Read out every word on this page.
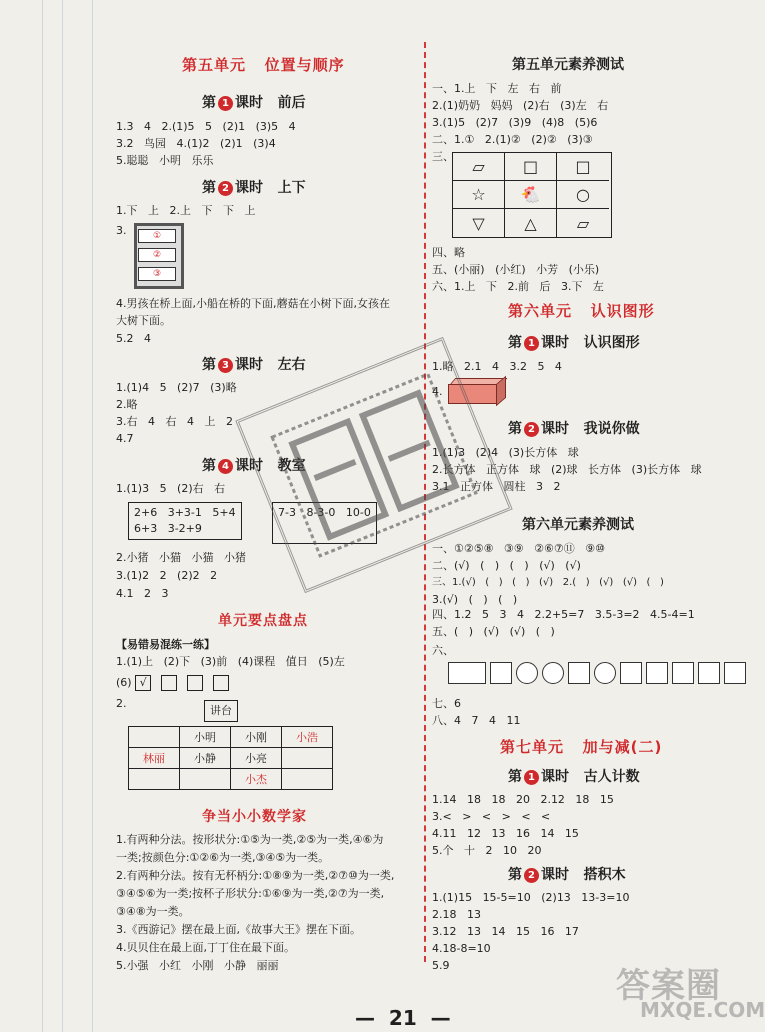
第五单元   位置与顺序
第 1 课时   前后
1.3   4   2.(1)5   5   (2)1   (3)5   4
3.2   鸟园   4.(1)2   (2)1   (3)4
5.聪聪   小明   乐乐
第 2 课时   上下
1.下   上   2.上   下   下   上
3.	①
②
③
4.男孩在桥上面,小船在桥的下面,蘑菇在小树下面,女孩在
大树下面。
5.2   4
第 3 课时   左右
1.(1)4   5   (2)7   (3)略
2.略
3.右   4   右   4   上   2
4.7
第 4 课时   教室
1.(1)3   5   (2)右   右
2+6   3+3-1   5+4
6+3   3-2+9
7-3   8-3-0   10-0
2.小猪   小猫   小猫   小猪
3.(1)2   2   (2)2   2
4.1   2   3
单元要点盘点
【易错易混练一练】
1.(1)上   (2)下   (3)前   (4)课程   值日   (5)左
(6) √
2.
讲台
	小明	小刚	小浩
林丽	小静	小亮	
		小杰	
争当小小数学家
1.有两种分法。按形状分:①⑤为一类,②⑤为一类,④⑥为
一类;按颜色分:①②⑥为一类,③④⑤为一类。
2.有两种分法。按有无杯柄分:①⑧⑨为一类,②⑦⑩为一类,
③④⑤⑥为一类;按杯子形状分:①⑥⑨为一类,②⑦为一类,
③④⑧为一类。
3.《西游记》摆在最上面,《故事大王》摆在下面。
4.贝贝住在最上面,丁丁住在最下面。
5.小强   小红   小刚   小静   丽丽
第五单元素养测试
一、1.上   下   左   右   前
2.(1)奶奶   妈妈   (2)右   (3)左   右
3.(1)5   (2)7   (3)9   (4)8   (5)6
二、1.①   2.(1)②   (2)②   (3)③
三、
▱	□	□
☆	🐔	○
▽	△	▱
四、略
五、(小丽)   (小红)   小芳   (小乐)
六、1.上   下   2.前   后   3.下   左
第六单元   认识图形
第 1 课时   认识图形
1.略   2.1   4   3.2   5   4
4.
第 2 课时   我说你做
1.(1)3   (2)4   (3)长方体   球
2.长方体   正方体   球   (2)球   长方体   (3)长方体   球
3.1   正方体   圆柱   3   2
第六单元素养测试
一、①②⑤⑧   ③⑨   ②⑥⑦⑪   ⑨⑩
二、(√)   (   )   (   )   (√)   (√)
三、1.(√)   (   )   (   )   (√)   2.(   )   (√)   (√)   (   )
3.(√)   (   )   (   )
四、1.2   5   3   4   2.2+5=7   3.5-3=2   4.5-4=1
五、(   )   (√)   (√)   (   )
六、
七、6
八、4   7   4   11
第七单元   加与减(二)
第 1 课时   古人计数
1.14   18   18   20   2.12   18   15
3.<   >   <   >   <   <
4.11   12   13   16   14   15
5.个   十   2   10   20
第 2 课时   搭积木
1.(1)15   15-5=10   (2)13   13-3=10
2.18   13
3.12   13   14   15   16   17
4.18-8=10
5.9
—  21  —
答案圈
MXQE.COM
